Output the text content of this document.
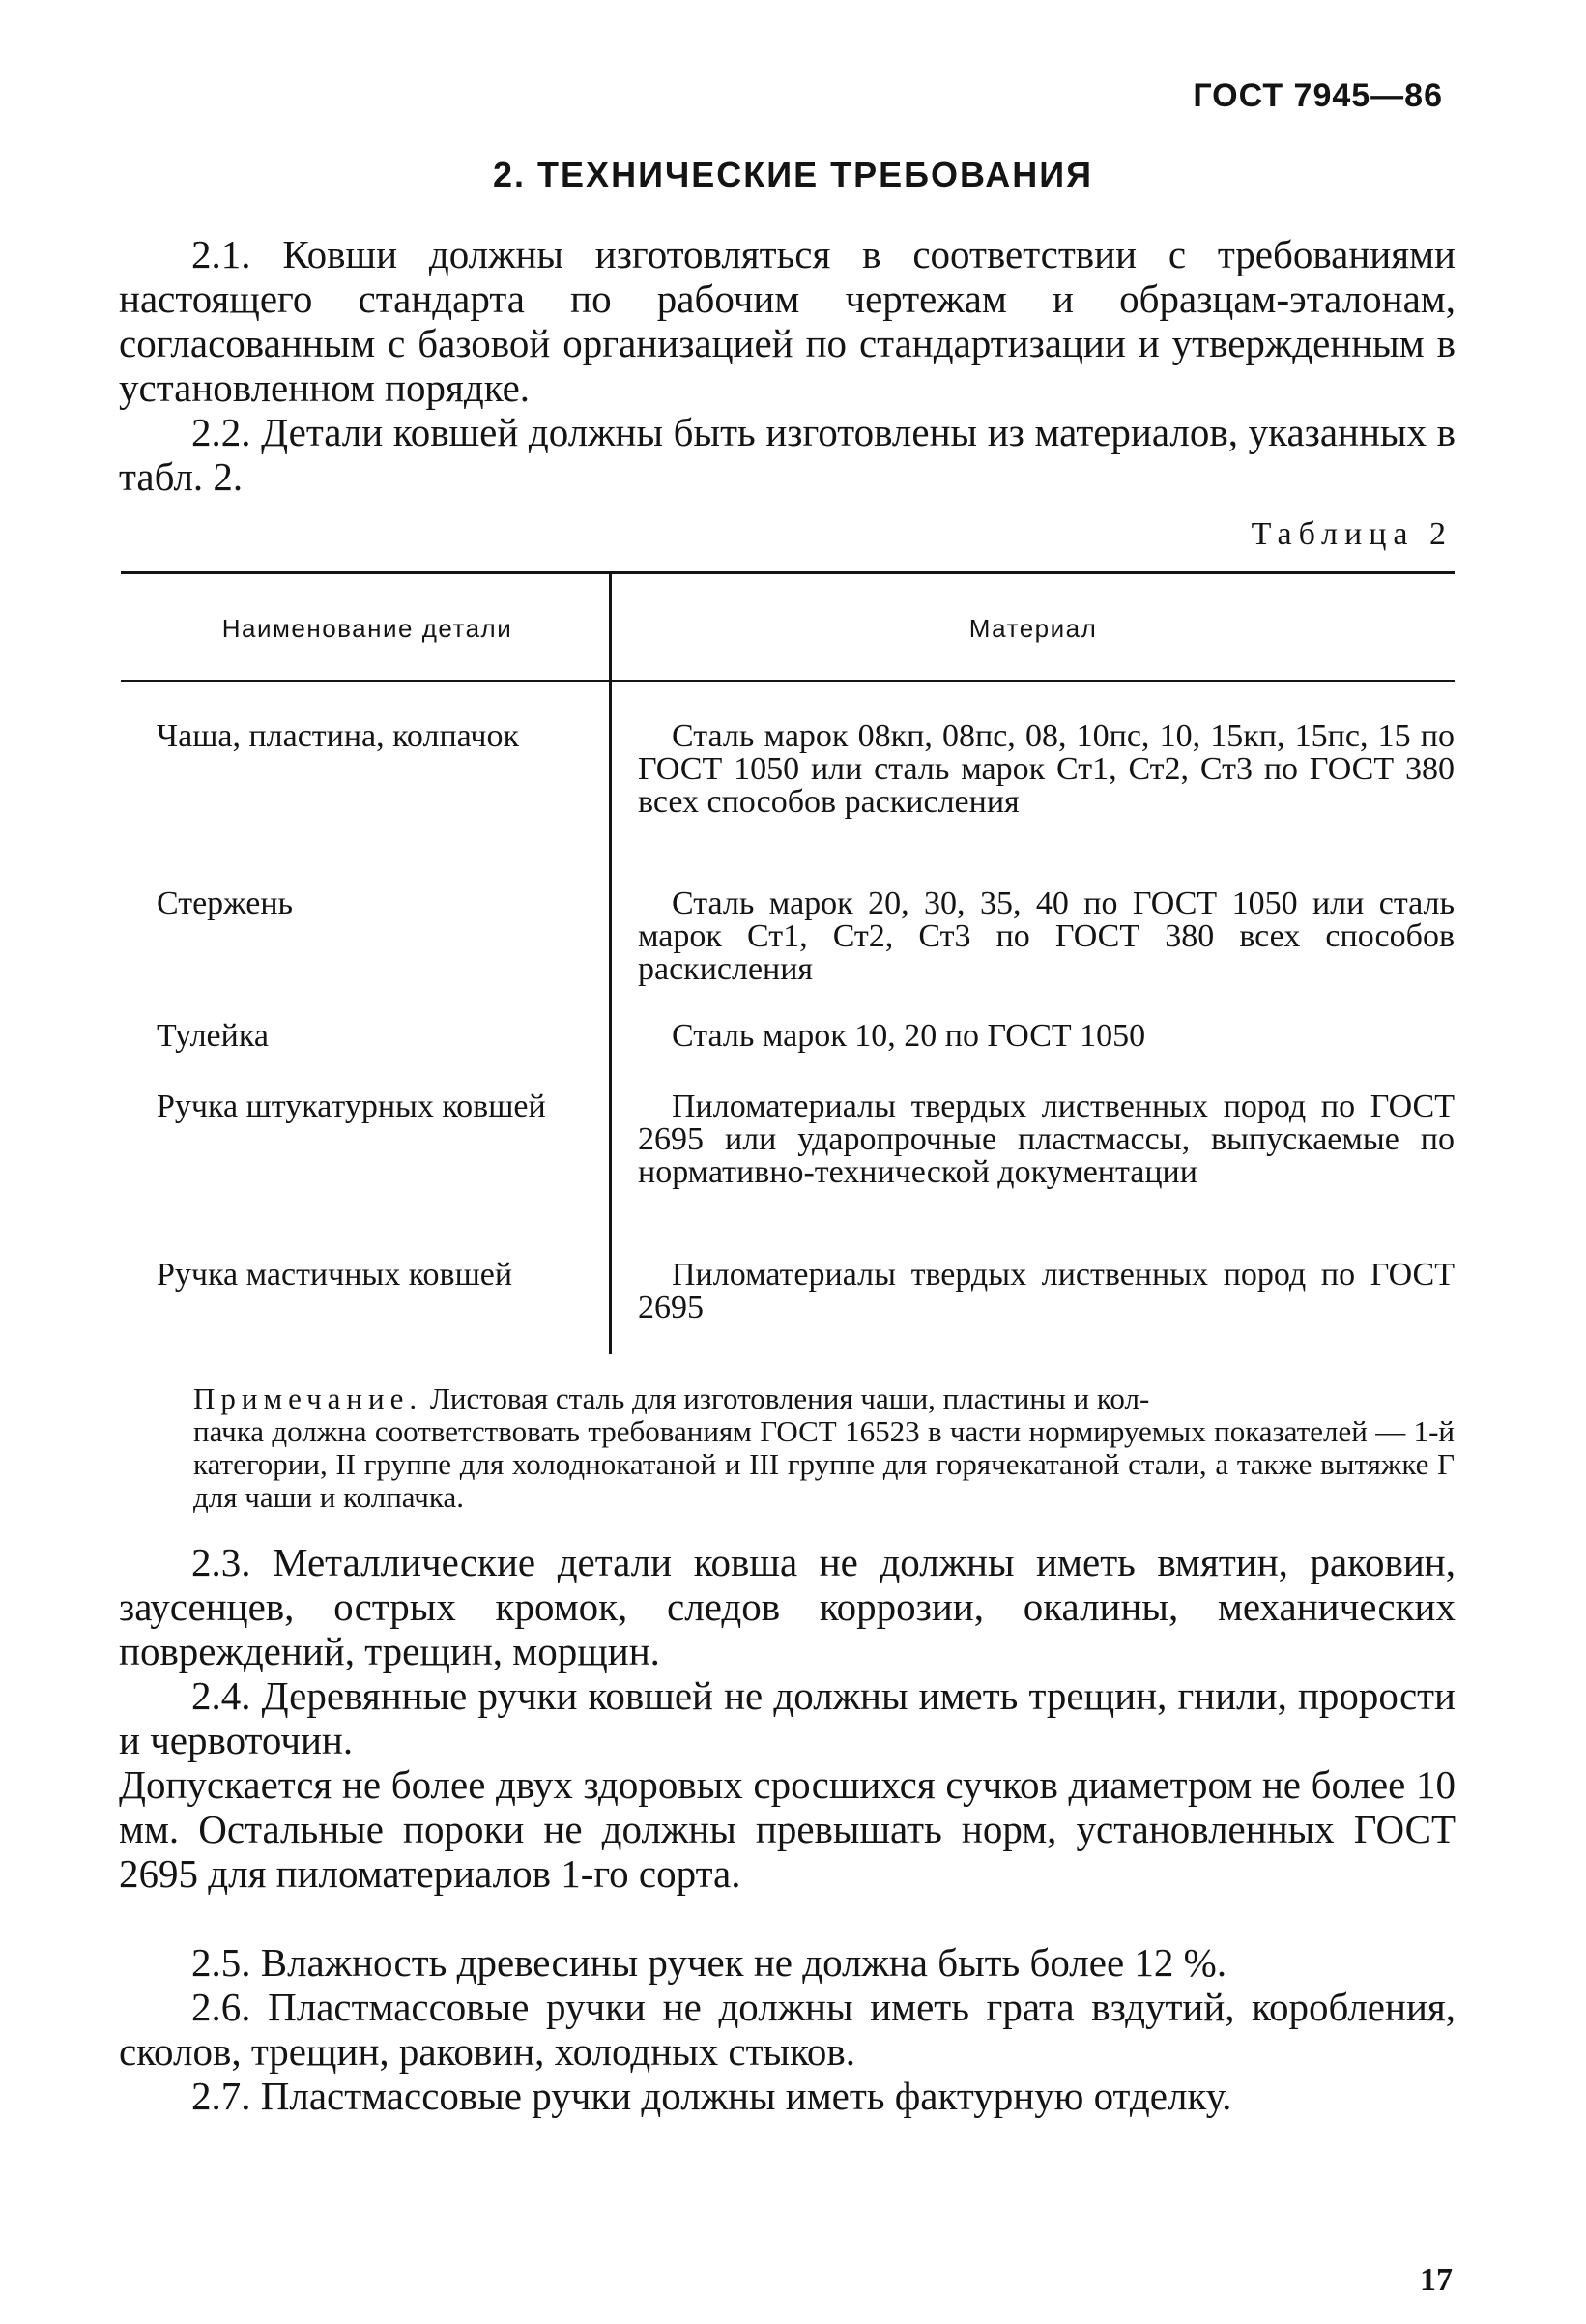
ГОСТ 7945—86
2. ТЕХНИЧЕСКИЕ ТРЕБОВАНИЯ

2.1. Ковши должны изготовляться в соответствии с требованиями настоящего стандарта по рабочим чертежам и образцам-эталонам, согласованным с базовой организацией по стандартизации и утвержденным в установленном порядке.

2.2. Детали ковшей должны быть изготовлены из материалов, указанных в табл. 2.

Таблица 2
Наименование детали	Материал

Чаша, пластина, колпачок	Сталь марок 08кп, 08пс, 08, 10пс, 10, 15кп, 15пс, 15 по ГОСТ 1050 или сталь марок Ст1, Ст2, Ст3 по ГОСТ 380 всех способов раскисления

Стержень	Сталь марок 20, 30, 35, 40 по ГОСТ 1050 или сталь марок Ст1, Ст2, Ст3 по ГОСТ 380 всех способов раскисления

Тулейка	Сталь марок 10, 20 по ГОСТ 1050

Ручка штукатурных ковшей	Пиломатериалы твердых лиственных пород по ГОСТ 2695 или ударопрочные пластмассы, выпускаемые по нормативно-технической документации

Ручка мастичных ковшей	Пиломатериалы твердых лиственных пород по ГОСТ 2695

Примечание. Листовая сталь для изготовления чаши, пластины и кол-

пачка должна соответствовать требованиям ГОСТ 16523 в части нормируемых показателей — 1-й категории, II группе для холоднокатаной и III группе для горячекатаной стали, а также вытяжке Г для чаши и колпачка.

2.3. Металлические детали ковша не должны иметь вмятин, раковин, заусенцев, острых кромок, следов коррозии, окалины, механических повреждений, трещин, морщин.

2.4. Деревянные ручки ковшей не должны иметь трещин, гнили, прорости и червоточин.

Допускается не более двух здоровых сросшихся сучков диаметром не более 10 мм. Остальные пороки не должны превышать норм, установленных ГОСТ 2695 для пиломатериалов 1-го сорта.

2.5. Влажность древесины ручек не должна быть более 12 %.

2.6. Пластмассовые ручки не должны иметь грата вздутий, коробления, сколов, трещин, раковин, холодных стыков.

2.7. Пластмассовые ручки должны иметь фактурную отделку.

17
